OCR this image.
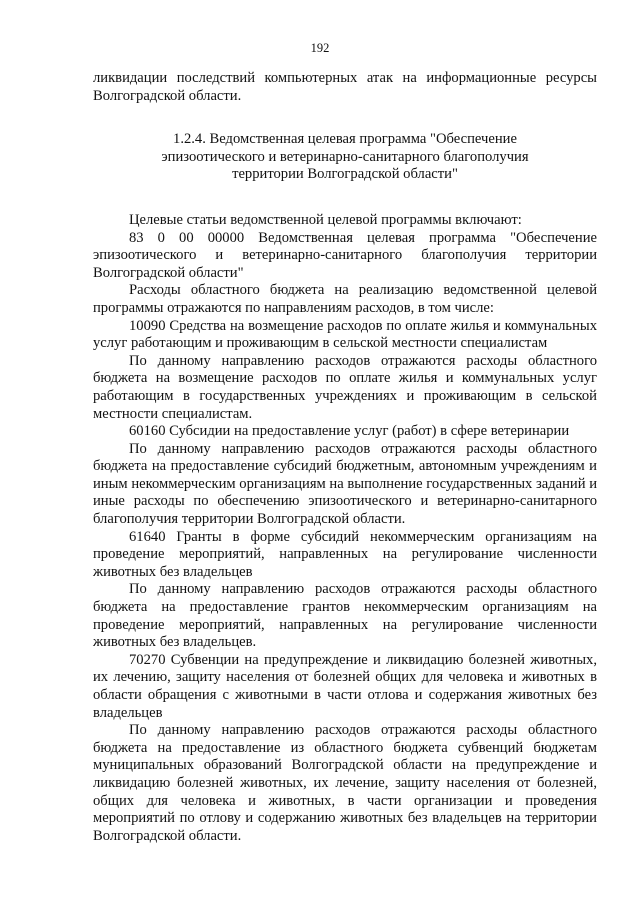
192

ликвидации последствий компьютерных атак на информационные ресурсы Волгоградской области.

1.2.4. Ведомственная целевая программа "Обеспечение
эпизоотического и ветеринарно-санитарного благополучия
территории Волгоградской области"

Целевые статьи ведомственной целевой программы включают:

83 0 00 00000 Ведомственная целевая программа "Обеспечение эпизоотического и ветеринарно-санитарного благополучия территории Волгоградской области"

Расходы областного бюджета на реализацию ведомственной целевой программы отражаются по направлениям расходов, в том числе:

10090 Средства на возмещение расходов по оплате жилья и коммунальных услуг работающим и проживающим в сельской местности специалистам

По данному направлению расходов отражаются расходы областного бюджета на возмещение расходов по оплате жилья и коммунальных услуг работающим в государственных учреждениях и проживающим в сельской местности специалистам.

60160 Субсидии на предоставление услуг (работ) в сфере ветеринарии

По данному направлению расходов отражаются расходы областного бюджета на предоставление субсидий бюджетным, автономным учреждениям и иным некоммерческим организациям на выполнение государственных заданий и иные расходы по обеспечению эпизоотического и ветеринарно-санитарного благополучия территории Волгоградской области.

61640 Гранты в форме субсидий некоммерческим организациям на проведение мероприятий, направленных на регулирование численности животных без владельцев

По данному направлению расходов отражаются расходы областного бюджета на предоставление грантов некоммерческим организациям на проведение мероприятий, направленных на регулирование численности животных без владельцев.

70270 Субвенции на предупреждение и ликвидацию болезней животных, их лечению, защиту населения от болезней общих для человека и животных в области обращения с животными в части отлова и содержания животных без владельцев

По данному направлению расходов отражаются расходы областного бюджета на предоставление из областного бюджета субвенций бюджетам муниципальных образований Волгоградской области на предупреждение и ликвидацию болезней животных, их лечение, защиту населения от болезней, общих для человека и животных, в части организации и проведения мероприятий по отлову и содержанию животных без владельцев на территории Волгоградской области.
